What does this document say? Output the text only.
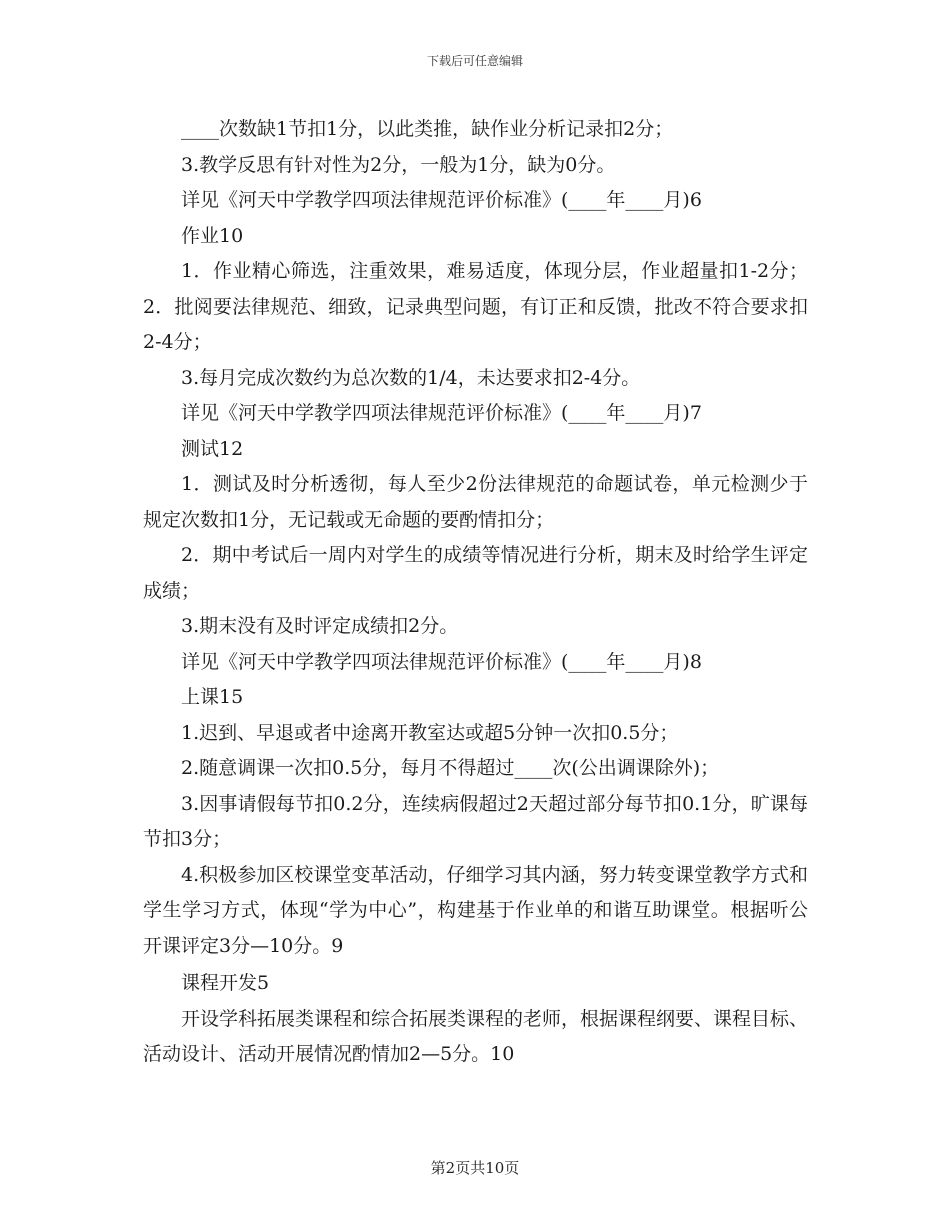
下载后可任意编辑

____次数缺1节扣1分，以此类推，缺作业分析记录扣2分；

3.教学反思有针对性为2分，一般为1分，缺为0分。

详见《河天中学教学四项法律规范评价标准》(____年____月)6

作业10

1．作业精心筛选，注重效果，难易适度，体现分层，作业超量扣1-2分；2．批阅要法律规范、细致，记录典型问题，有订正和反馈，批改不符合要求扣2-4分；

3.每月完成次数约为总次数的1/4，未达要求扣2-4分。

详见《河天中学教学四项法律规范评价标准》(____年____月)7

测试12

1．测试及时分析透彻，每人至少2份法律规范的命题试卷，单元检测少于规定次数扣1分，无记载或无命题的要酌情扣分；

2．期中考试后一周内对学生的成绩等情况进行分析，期末及时给学生评定成绩；

3.期末没有及时评定成绩扣2分。

详见《河天中学教学四项法律规范评价标准》(____年____月)8

上课15

1.迟到、早退或者中途离开教室达或超5分钟一次扣0.5分；

2.随意调课一次扣0.5分，每月不得超过____次(公出调课除外)；

3.因事请假每节扣0.2分，连续病假超过2天超过部分每节扣0.1分，旷课每节扣3分；

4.积极参加区校课堂变革活动，仔细学习其内涵，努力转变课堂教学方式和学生学习方式，体现“学为中心”，构建基于作业单的和谐互助课堂。根据听公开课评定3分—10分。9

课程开发5

开设学科拓展类课程和综合拓展类课程的老师，根据课程纲要、课程目标、活动设计、活动开展情况酌情加2—5分。10

第2页共10页
